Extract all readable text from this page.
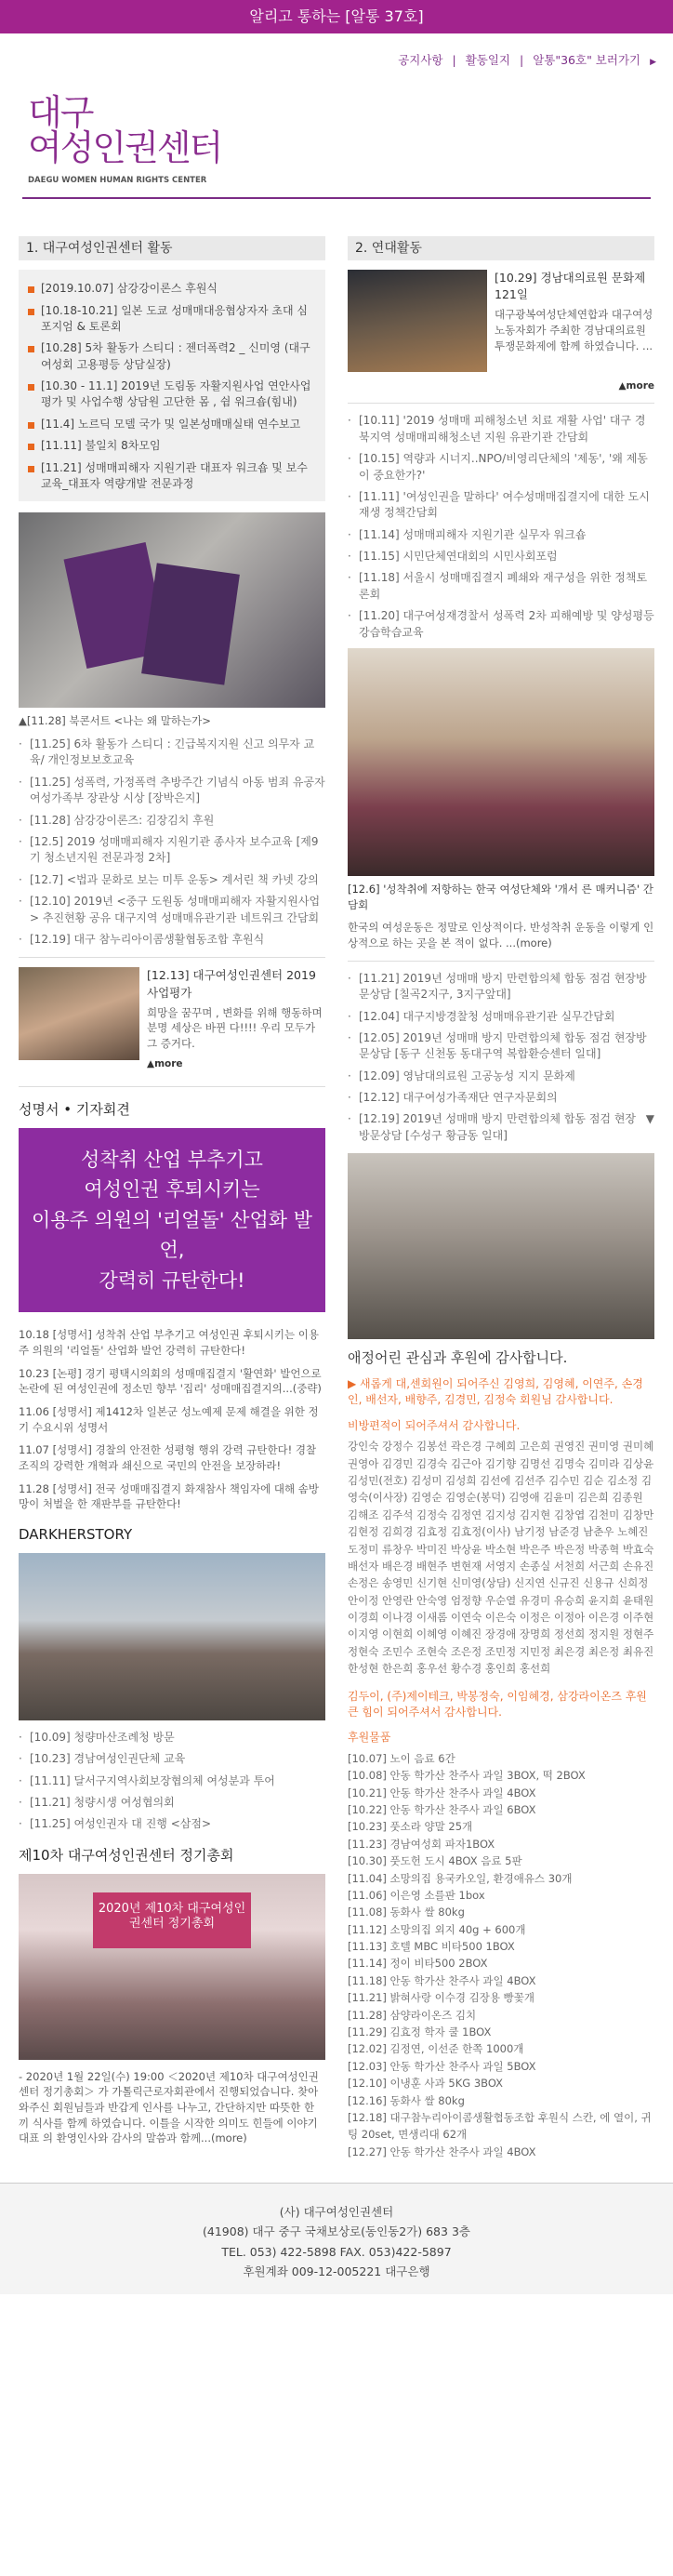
알리고 통하는 [알통 37호]
공지사항 | 활동일지 | 알통"36호" 보러가기 ▶
대구
여성인권센터
DAEGU WOMEN HUMAN RIGHTS CENTER
1. 대구여성인권센터 활동
[2019.10.07] 삼강강이론스 후원식
[10.18-10.21] 일본 도쿄 성매매대응협상자자 초대 심포지엄 & 토론회
[10.28] 5차 활동가 스티디 : 젠더폭력2 _ 신미영 (대구여성회 고용평등 상담실장)
[10.30 - 11.1] 2019년 도림동 자활지원사업 연안사업평가 및 사업수행 상담원 고단한 몸 , 쉼 워크숍(힘내)
[11.4] 노르딕 모델 국가 및 일본성매매실태 연수보고
[11.11] 불일치 8차모임
[11.21] 성매매피해자 지원기관 대표자 워크숍 및 보수교육_대표자 역량개발 전문과정
▲[11.28] 북콘서트 <나는 왜 말하는가>
· [11.25] 6차 활동가 스티디 : 긴급복지지원 신고 의무자 교육/ 개인정보보호교육
· [11.25] 성폭력, 가정폭력 추방주간 기념식 아동 범죄 유공자 여성가족부 장관상 시상 [장박은지]
· [11.28] 삼강강이론즈: 김장김치 후원
· [12.5] 2019 성매매피해자 지원기관 종사자 보수교육 [제9기 청소년지원 전문과정 2차]
· [12.7] <법과 문화로 보는 미투 운동> 계서린 책 카넷 강의
· [12.10] 2019년 <중구 도원동 성매매피해자 자활지원사업> 추진현황 공유 대구지역 성매매유관기관 네트워크 간담회
· [12.19] 대구 참누리아이콤생활협동조합 후원식
[12.13] 대구여성인권센터 2019 사업평가
희망을 꿈꾸며 , 변화를 위해 행동하며 분명 세상은 바뀐 다!!!! 우리 모두가 그 증거다.
▲more
성명서 • 기자회견
성착취 산업 부추기고
여성인권 후퇴시키는
이용주 의원의 '리얼돌' 산업화 발언,
강력히 규탄한다!
10.18 [성명서] 성착취 산업 부추기고 여성인권 후퇴시키는 이용주 의원의 '리얼돌' 산업화 발언 강력히 규탄한다!
10.23 [논평] 경기 평택시의회의 성매매집결지 '활연화' 발언으로 논란에 된 여성인권에 정소민 향부 '집리' 성매매집결지의...(중략)
11.06 [성명서] 제1412차 일본군 성노예제 문제 해결을 위한 정기 수요시위 성명서
11.07 [성명서] 경찰의 안전한 성평형 행위 강력 규탄한다! 경찰 조직의 강력한 개혁과 쇄신으로 국민의 안전을 보장하라!
11.28 [성명서] 전국 성매매집결지 화재참사 책임자에 대해 솜방망이 처벌을 한 재판부를 규탄한다!
DARKHERSTORY
· [10.09] 청량마산조례청 방문
· [10.23] 경남여성인권단체 교육
· [11.11] 달서구지역사회보장협의체 여성분과 투어
· [11.21] 청량시생 여성협의회
· [11.25] 여성인권자 대 진행 <삼점>
제10차 대구여성인권센터 정기총회
2020년 제10차 대구여성인권센터 정기총회
- 2020년 1월 22일(수) 19:00 ＜2020년 제10차 대구여성인권센터 정기총회＞ 가 가톨릭근로자회관에서 진행되었습니다. 찾아와주신 회원님들과 반갑게 인사를 나누고, 간단하지만 따뜻한 한 끼 식사를 함께 하였습니다. 이틀을 시작한 의미도 힌들에 이야기 대표 의 환영인사와 감사의 말씀과 함께...(more)
2. 연대활동
[10.29] 경남대의료원 문화제 121일
대구광복여성단체연합과 대구여성노동자회가 주최한 경남대의료원 투쟁문화제에 함께 하였습니다. ...
▲more
· [10.11] '2019 성매매 피해청소년 치료 재활 사업' 대구 경북지역 성매매피해청소년 지원 유관기관 간담회
· [10.15] 역량과 시너지..NPO/비영리단체의 '제동', '왜 제동이 중요한가?'
· [11.11] '여성인권을 말하다' 여수성매매집결지에 대한 도시재생 정책간담회
· [11.14] 성매매피해자 지원기관 실무자 워크숍
· [11.15] 시민단체연대회의 시민사회포럼
· [11.18] 서울시 성매매집결지 폐쇄와 재구성을 위한 정책토론회
· [11.20] 대구여성재경찰서 성폭력 2차 피해예방 및 양성평등강습학습교육
[12.6] '성착취에 저항하는 한국 여성단체와 '개서 른 매커니즘' 간담회
한국의 여성운동은 정말로 인상적이다. 반성착취 운동을 이렇게 인상적으로 하는 곳을 본 적이 없다. ...(more)
· [11.21] 2019년 성매매 방지 만련합의체 합동 점검 현장방문상담 [칠곡2지구, 3지구앞대]
· [12.04] 대구지방경찰청 성매매유관기관 실무간담회
· [12.05] 2019년 성매매 방지 만련합의체 합동 점검 현장방문상담 [동구 신천동 동대구역 복합환승센터 일대]
· [12.09] 영남대의료원 고공농성 지지 문화제
· [12.12] 대구여성가족재단 연구자문회의
· [12.19] 2019년 성매매 방지 만련합의체 합동 점검 현장방문상담 [수성구 황금동 일대]
▼
애정어린 관심과 후원에 감사합니다.
▶ 새롭게 대,센회원이 되어주신 김영희, 김영혜, 이연주, 손경인, 배선자, 배향주, 김경민, 김정숙 회원님 감사합니다.
비방편적이 되어주셔서 감사합니다.
강인숙 강정수 김봉선 곽은경 구혜희 고은희 권영진 권미영 권미혜 권영아 김경민 김경숙 김근아 김기향 김명선 김명숙 김미라 김상윤 김성민(전호) 김성미 김성희 김선에 김선주 김수민 김순 김소정 김영숙(이사장) 김영순 김영순(봉덕) 김영애 김윤미 김은희 김종원 김해조 김주석 김정숙 김정연 김지성 김지현 김창엽 김천미 김창만 김현정 김희경 김효정 김효정(이사) 남기정 남준경 남춘우 노혜진 도정미 류창우 박미진 박상윤 박소현 박은주 박은정 박종혁 박효숙 배선자 배은경 배현주 변현재 서영지 손종실 서천희 서근희 손유진 손정은 송영민 신기현 신미영(상담) 신지연 신규진 신용규 신희정 안이정 안영란 안숙영 엄정향 우순열 유경미 유승희 윤지희 윤태원 이경희 이나경 이새롬 이연숙 이은숙 이정은 이정아 이은경 이주현 이지영 이현희 이혜영 이혜진 장경애 장명희 정선희 정지원 정현주 정현숙 조민수 조현숙 조은정 조민정 지민정 최은경 최은정 최유진 한성현 한은희 홍우선 황수경 홍인희 홍선희
김두이, (주)제이테크, 박봉정숙, 이임혜경, 삼강라이온즈 후원 큰 힘이 되어주셔서 감사합니다.
후원물품
[10.07] 노이 음료 6간
[10.08] 안동 학가산 찬주사 과일 3BOX, 떡 2BOX
[10.21] 안동 학가산 찬주사 과일 4BOX
[10.22] 안동 학가산 찬주사 과일 6BOX
[10.23] 풋소라 양말 25개
[11.23] 경남여성회 파자1BOX
[10.30] 풋도헌 도시 4BOX 음료 5판
[11.04] 소망의집 용국카오일, 환경애유스 30개
[11.06] 이은영 소를판 1box
[11.08] 동화사 쌀 80kg
[11.12] 소망의집 외지 40g + 600개
[11.13] 호텔 MBC 비타500 1BOX
[11.14] 정이 비타500 2BOX
[11.18] 안동 학가산 찬주사 과일 4BOX
[11.21] 밝혀사랑 이수경 김장용 빵꽃개
[11.28] 삼양라이온즈 김치
[11.29] 김효정 학자 쿨 1BOX
[12.02] 김정연, 이선준 한쪽 1000개
[12.03] 안동 학가산 찬주사 과일 5BOX
[12.10] 이냉훈 사과 5KG 3BOX
[12.16] 동화사 쌀 80kg
[12.18] 대구참누리아이콤생활협동조합 후원식 스칸, 에 열이, 귀팅 20set, 면생리대 62개
[12.27] 안동 학가산 찬주사 과일 4BOX
(사) 대구여성인권센터
(41908) 대구 중구 국채보상로(동인동2가) 683 3층
TEL. 053) 422-5898 FAX. 053)422-5897
후원계좌 009-12-005221 대구은행
